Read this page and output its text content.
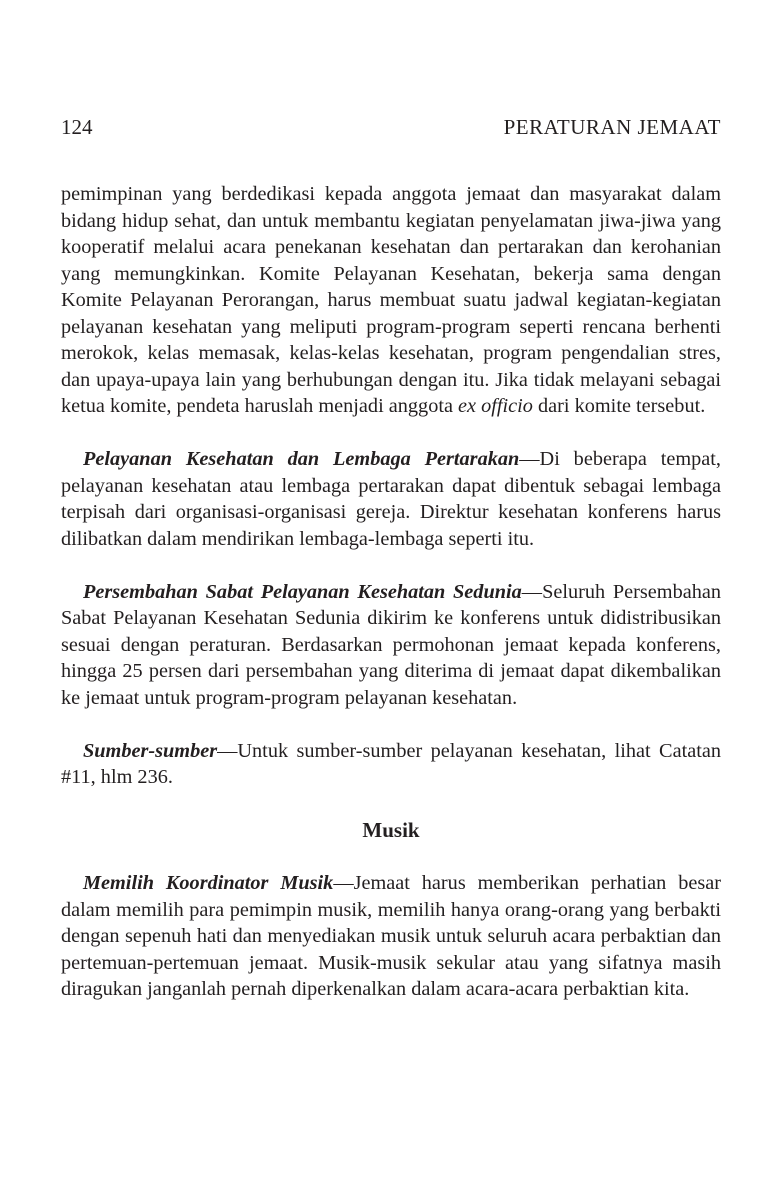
124	PERATURAN JEMAAT

pemimpinan yang berdedikasi kepada anggota jemaat dan masyarakat dalam bidang hidup sehat, dan untuk membantu kegiatan penyelamatan jiwa-jiwa yang kooperatif melalui acara penekanan kesehatan dan pertarakan dan kerohanian yang memungkinkan. Komite Pelayanan Kesehatan, bekerja sama dengan Komite Pelayanan Perorangan, harus membuat suatu jadwal kegiatan-kegiatan pelayanan kesehatan yang meliputi program-program seperti rencana berhenti merokok, kelas memasak, kelas-kelas kesehatan, program pengendalian stres, dan upaya-upaya lain yang berhubungan dengan itu. Jika tidak melayani sebagai ketua komite, pendeta haruslah menjadi anggota ex officio dari komite tersebut.

Pelayanan Kesehatan dan Lembaga Pertarakan—Di beberapa tempat, pelayanan kesehatan atau lembaga pertarakan dapat dibentuk sebagai lembaga terpisah dari organisasi-organisasi gereja. Direktur kesehatan konferens harus dilibatkan dalam mendirikan lembaga-lembaga seperti itu.

Persembahan Sabat Pelayanan Kesehatan Sedunia—Seluruh Persembahan Sabat Pelayanan Kesehatan Sedunia dikirim ke konferens untuk didistribusikan sesuai dengan peraturan. Berdasarkan permohonan jemaat kepada konferens, hingga 25 persen dari persembahan yang diterima di jemaat dapat dikembalikan ke jemaat untuk program-program pelayanan kesehatan.

Sumber-sumber—Untuk sumber-sumber pelayanan kesehatan, lihat Catatan #11, hlm 236.

Musik

Memilih Koordinator Musik—Jemaat harus memberikan perhatian besar dalam memilih para pemimpin musik, memilih hanya orang-orang yang berbakti dengan sepenuh hati dan menyediakan musik untuk seluruh acara perbaktian dan pertemuan-pertemuan jemaat. Musik-musik sekular atau yang sifatnya masih diragukan janganlah pernah diperkenalkan dalam acara-acara perbaktian kita.
